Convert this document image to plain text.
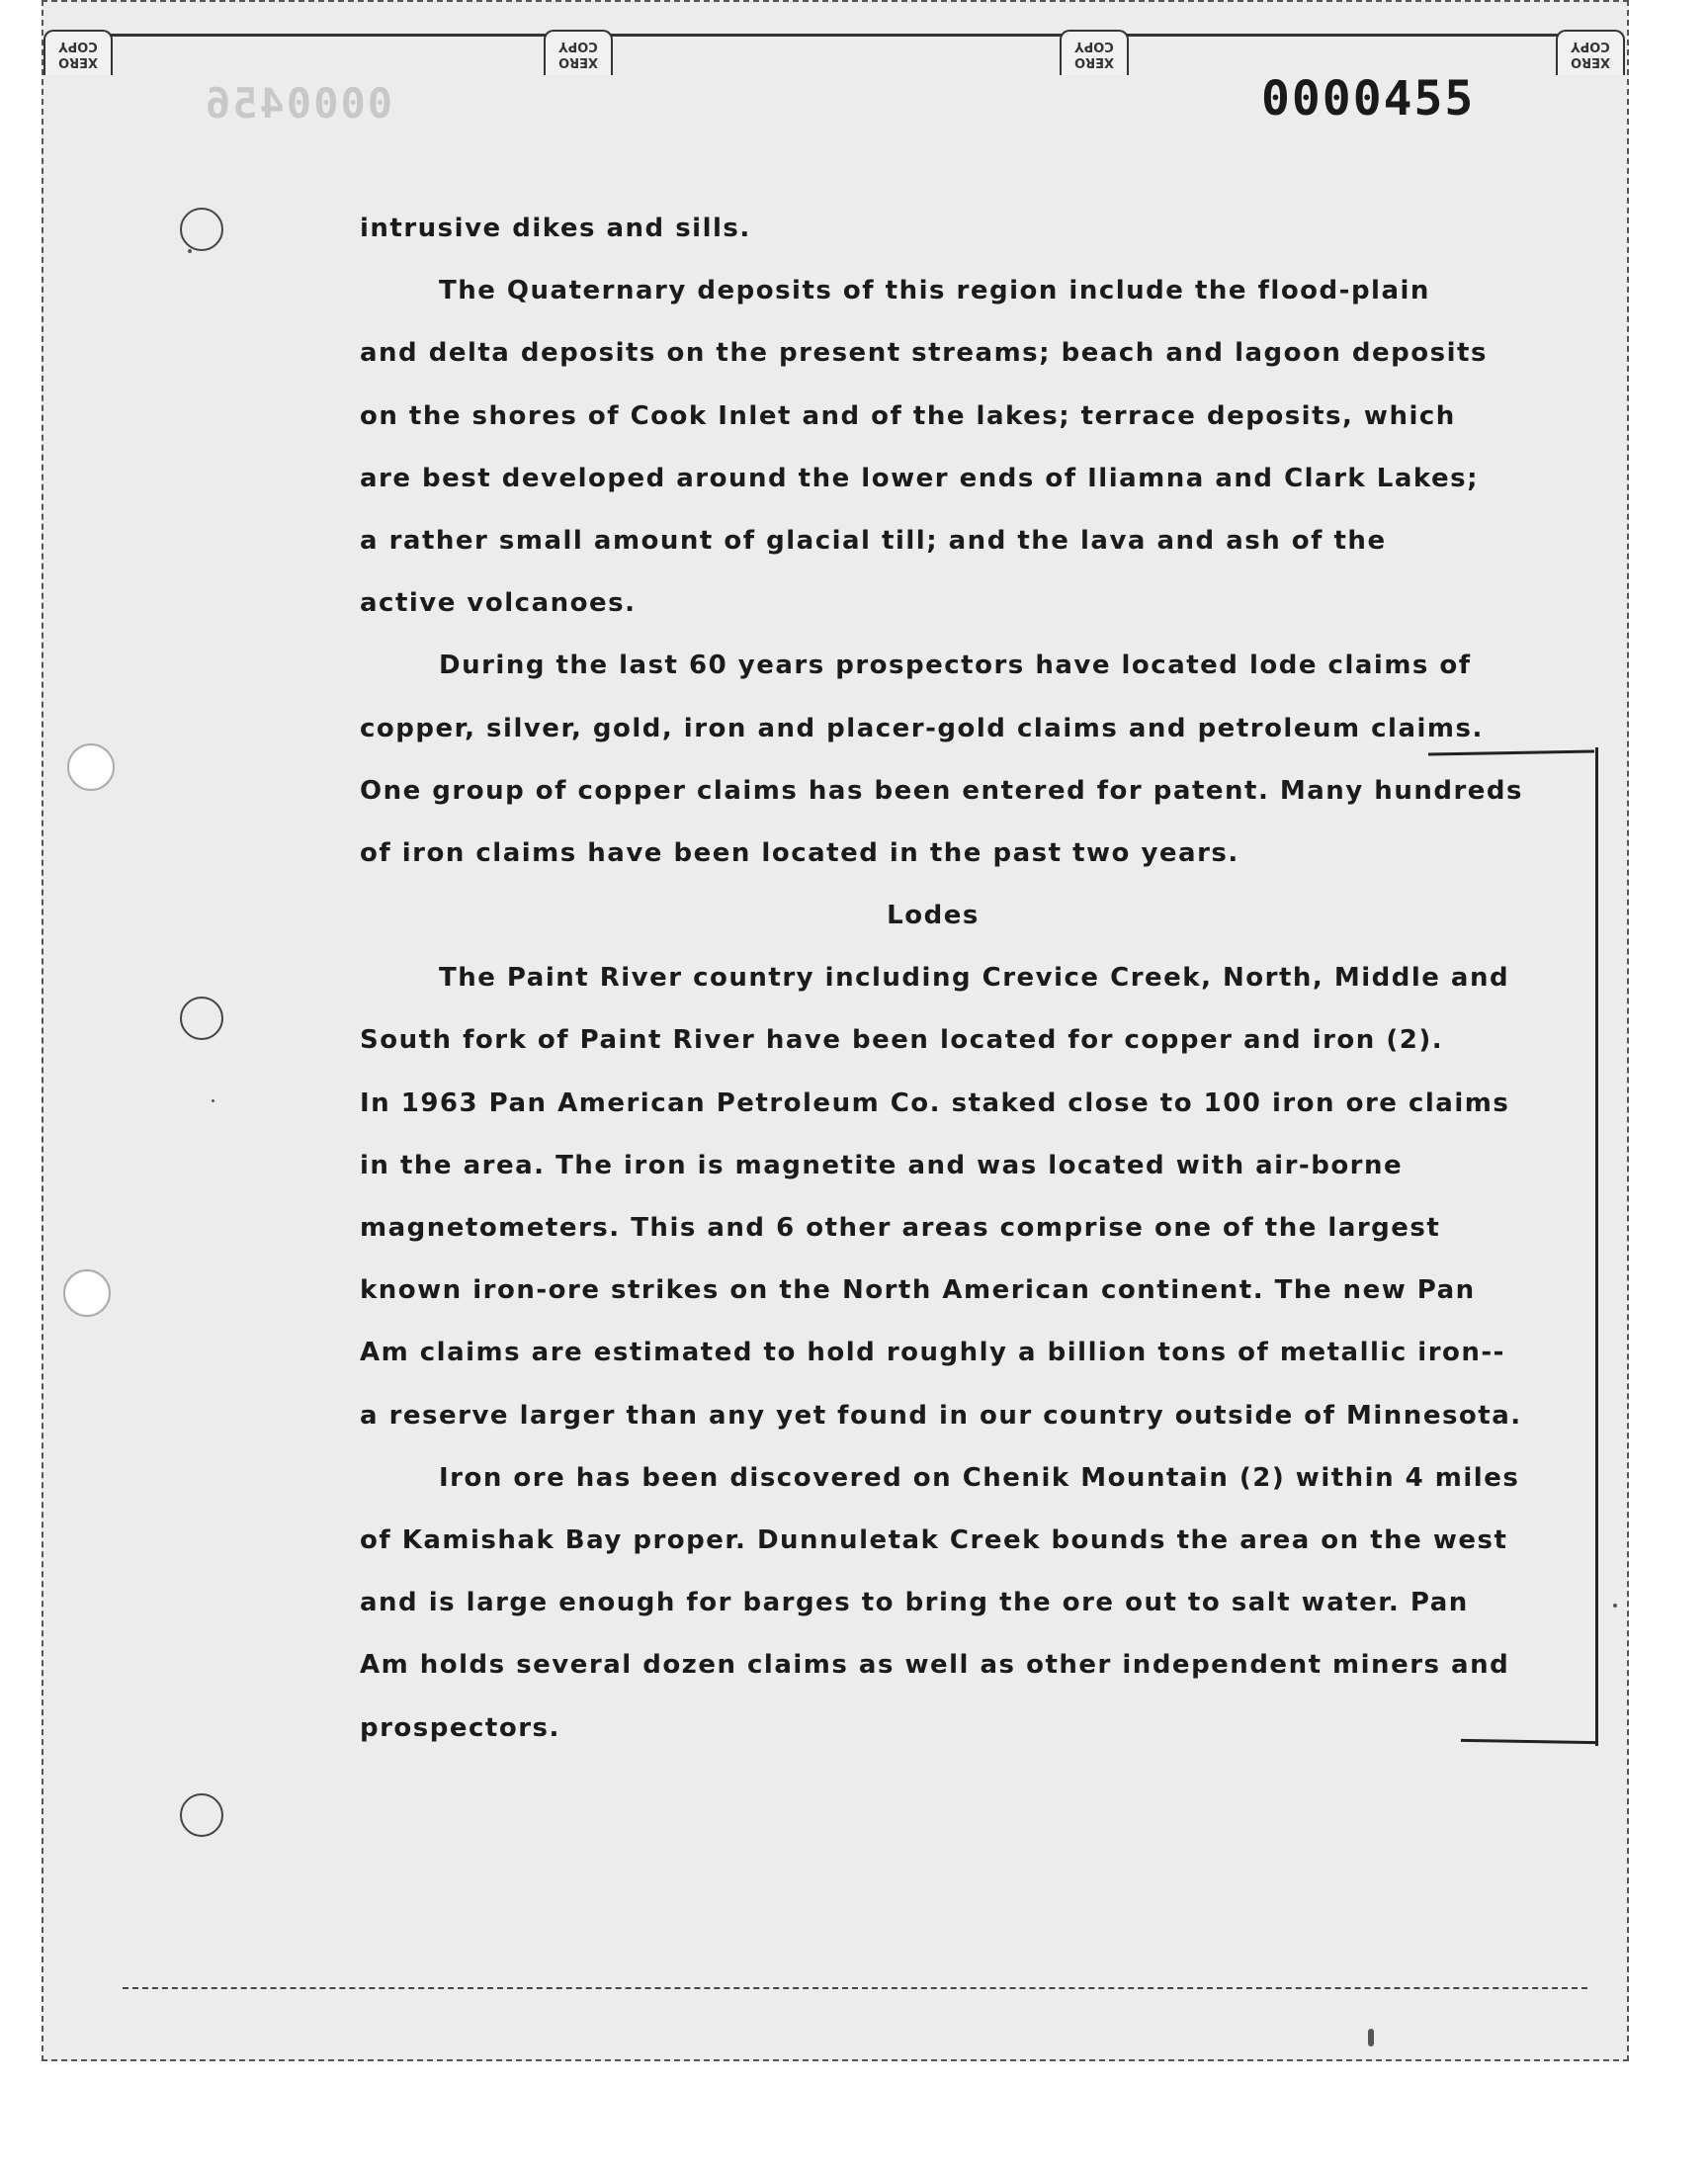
XERO COPY
XERO COPY
XERO COPY
XERO COPY
0000456	0000455
intrusive dikes and sills.
The Quaternary deposits of this region include the flood-plain
and delta deposits on the present streams; beach and lagoon deposits
on the shores of Cook Inlet and of the lakes; terrace deposits, which
are best developed around the lower ends of Iliamna and Clark Lakes;
a rather small amount of glacial till; and the lava and ash of the
active volcanoes.
During the last 60 years prospectors have located lode claims of
copper, silver, gold, iron and placer-gold claims and petroleum claims.
One group of copper claims has been entered for patent. Many hundreds
of iron claims have been located in the past two years.
Lodes
The Paint River country including Crevice Creek, North, Middle and
South fork of Paint River have been located for copper and iron (2).
In 1963 Pan American Petroleum Co. staked close to 100 iron ore claims
in the area. The iron is magnetite and was located with air-borne
magnetometers. This and 6 other areas comprise one of the largest
known iron-ore strikes on the North American continent. The new Pan
Am claims are estimated to hold roughly a billion tons of metallic iron--
a reserve larger than any yet found in our country outside of Minnesota.
Iron ore has been discovered on Chenik Mountain (2) within 4 miles
of Kamishak Bay proper. Dunnuletak Creek bounds the area on the west
and is large enough for barges to bring the ore out to salt water. Pan
Am holds several dozen claims as well as other independent miners and
prospectors.
